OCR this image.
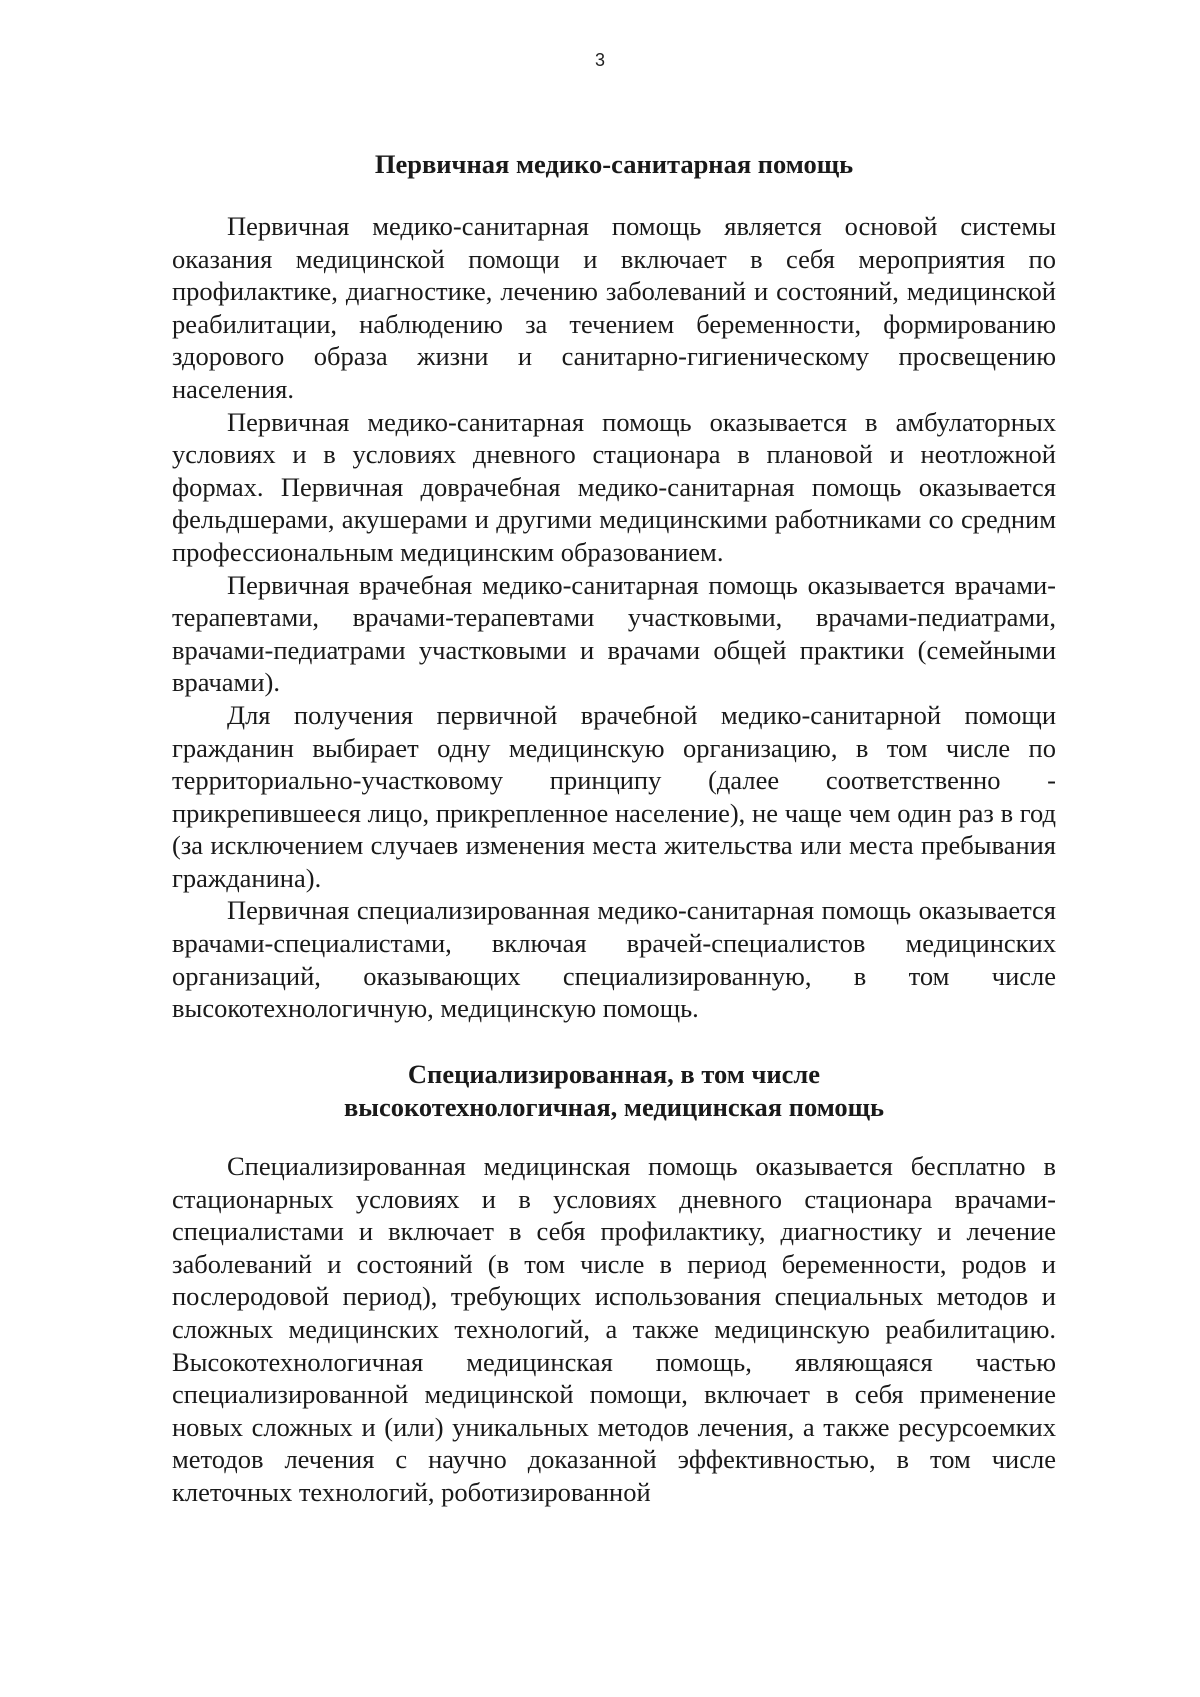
3
Первичная медико-санитарная помощь

Первичная медико-санитарная помощь является основой системы оказания медицинской помощи и включает в себя мероприятия по профилактике, диагностике, лечению заболеваний и состояний, медицинской реабилитации, наблюдению за течением беременности, формированию здорового образа жизни и санитарно-гигиеническому просвещению населения.

Первичная медико-санитарная помощь оказывается в амбулаторных условиях и в условиях дневного стационара в плановой и неотложной формах. Первичная доврачебная медико-санитарная помощь оказывается фельдшерами, акушерами и другими медицинскими работниками со средним профессиональным медицинским образованием.

Первичная врачебная медико-санитарная помощь оказывается врачами-терапевтами, врачами-терапевтами участковыми, врачами-педиатрами, врачами-педиатрами участковыми и врачами общей практики (семейными врачами).

Для получения первичной врачебной медико-санитарной помощи гражданин выбирает одну медицинскую организацию, в том числе по территориально-участковому принципу (далее соответственно - прикрепившееся лицо, прикрепленное население), не чаще чем один раз в год (за исключением случаев изменения места жительства или места пребывания гражданина).

Первичная специализированная медико-санитарная помощь оказывается врачами-специалистами, включая врачей-специалистов медицинских организаций, оказывающих специализированную, в том числе высокотехнологичную, медицинскую помощь.

Специализированная, в том числе
высокотехнологичная, медицинская помощь

Специализированная медицинская помощь оказывается бесплатно в стационарных условиях и в условиях дневного стационара врачами-специалистами и включает в себя профилактику, диагностику и лечение заболеваний и состояний (в том числе в период беременности, родов и послеродовой период), требующих использования специальных методов и сложных медицинских технологий, а также медицинскую реабилитацию. Высокотехнологичная медицинская помощь, являющаяся частью специализированной медицинской помощи, включает в себя применение новых сложных и (или) уникальных методов лечения, а также ресурсоемких методов лечения с научно доказанной эффективностью, в том числе клеточных технологий, роботизированной
